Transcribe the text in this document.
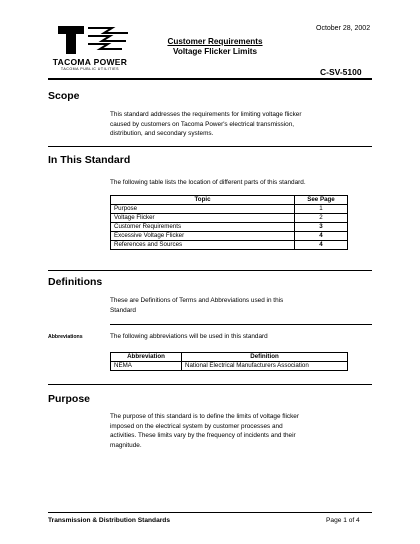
October 28, 2002
TACOMA POWER
TACOMA PUBLIC UTILITIES
Customer Requirements
Voltage Flicker Limits
C-SV-5100
Scope
This standard addresses the requirements for limiting voltage flicker
caused by customers on Tacoma Power's electrical transmission,
distribution, and secondary systems.
In This Standard
The following table lists the location of different parts of this standard.
Topic	See Page
Purpose	1
Voltage Flicker	2
Customer Requirements	3
Excessive Voltage Flicker	4
References and Sources	4
Definitions
These are Definitions of Terms and Abbreviations used in this
Standard
Abbreviations	The following abbreviations will be used in this standard
Abbreviation	Definition
NEMA	National Electrical Manufacturers Association
Purpose
The purpose of this standard is to define the limits of voltage flicker
imposed on the electrical system by customer processes and
activities. These limits vary by the frequency of incidents and their
magnitude.
Transmission & Distribution Standards	Page 1 of 4
